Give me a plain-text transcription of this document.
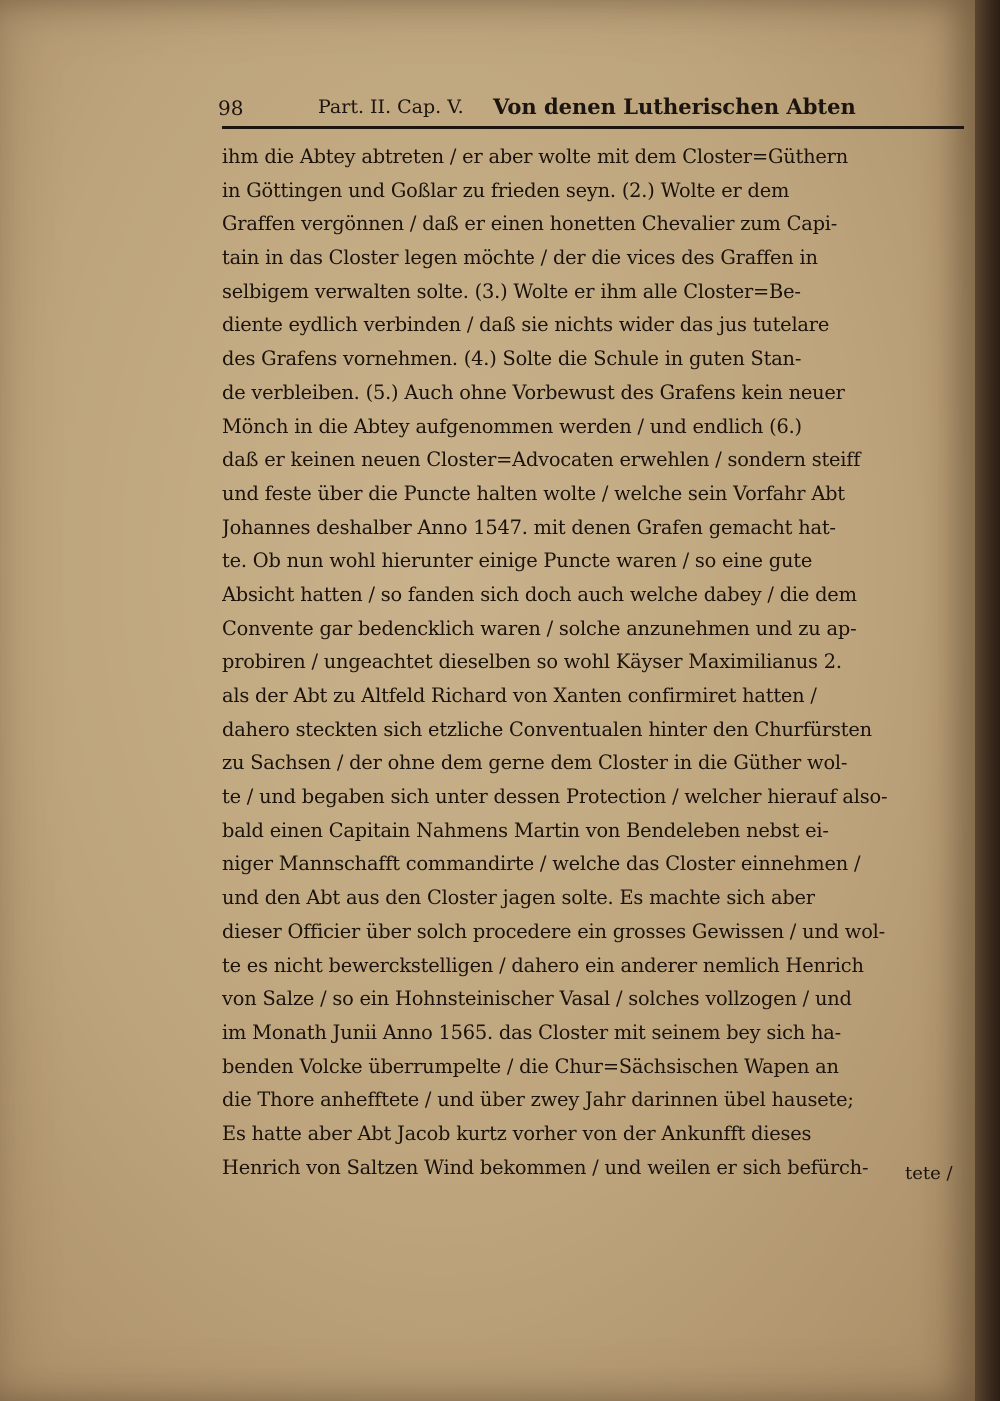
98	Part. II. Cap. V. Von denen Lutherischen Abten
ihm die Abtey abtreten / er aber wolte mit dem Closter=Güthern
in Göttingen und Goßlar zu frieden seyn. (2.) Wolte er dem
Graffen vergönnen / daß er einen honetten Chevalier zum Capi-
tain in das Closter legen möchte / der die vices des Graffen in
selbigem verwalten solte. (3.) Wolte er ihm alle Closter=Be-
diente eydlich verbinden / daß sie nichts wider das jus tutelare
des Grafens vornehmen. (4.) Solte die Schule in guten Stan-
de verbleiben. (5.) Auch ohne Vorbewust des Grafens kein neuer
Mönch in die Abtey aufgenommen werden / und endlich (6.)
daß er keinen neuen Closter=Advocaten erwehlen / sondern steiff
und feste über die Puncte halten wolte / welche sein Vorfahr Abt
Johannes deshalber Anno 1547. mit denen Grafen gemacht hat-
te. Ob nun wohl hierunter einige Puncte waren / so eine gute
Absicht hatten / so fanden sich doch auch welche dabey / die dem
Convente gar bedencklich waren / solche anzunehmen und zu ap-
probiren / ungeachtet dieselben so wohl Käyser Maximilianus 2.
als der Abt zu Altfeld Richard von Xanten confirmiret hatten /
dahero steckten sich etzliche Conventualen hinter den Churfürsten
zu Sachsen / der ohne dem gerne dem Closter in die Güther wol-
te / und begaben sich unter dessen Protection / welcher hierauf also-
bald einen Capitain Nahmens Martin von Bendeleben nebst ei-
niger Mannschafft commandirte / welche das Closter einnehmen /
und den Abt aus den Closter jagen solte. Es machte sich aber
dieser Officier über solch procedere ein grosses Gewissen / und wol-
te es nicht bewerckstelligen / dahero ein anderer nemlich Henrich
von Salze / so ein Hohnsteinischer Vasal / solches vollzogen / und
im Monath Junii Anno 1565. das Closter mit seinem bey sich ha-
benden Volcke überrumpelte / die Chur=Sächsischen Wapen an
die Thore anhefftete / und über zwey Jahr darinnen übel hausete;
Es hatte aber Abt Jacob kurtz vorher von der Ankunfft dieses
Henrich von Saltzen Wind bekommen / und weilen er sich befürch-	tete /
